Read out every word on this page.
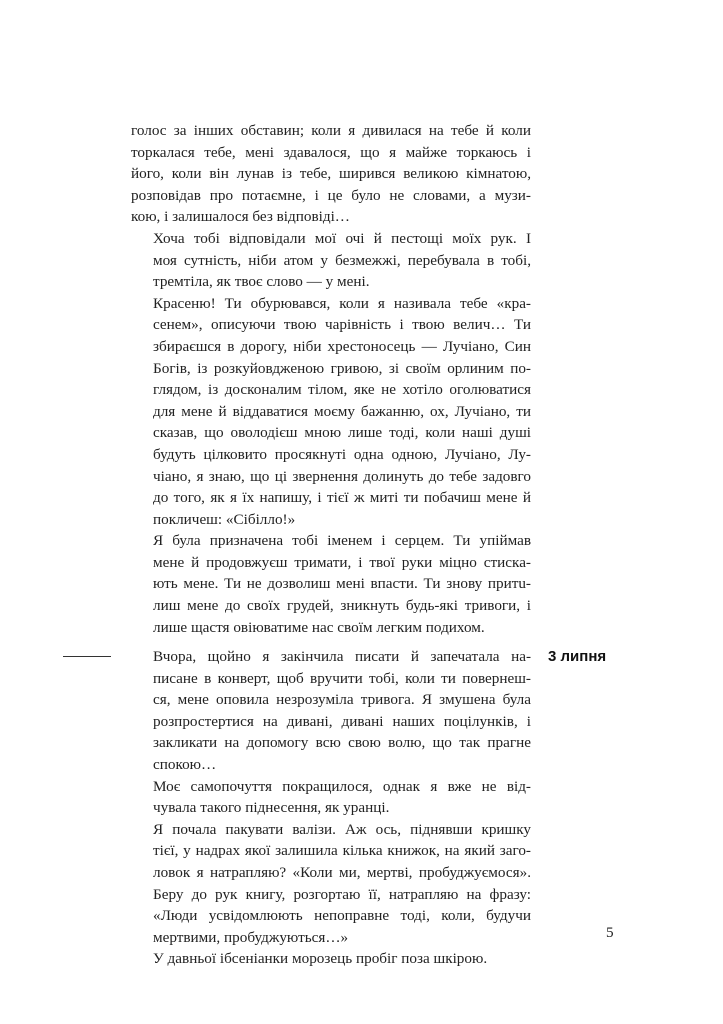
голос за інших обставин; коли я дивилася на тебе й коли
торкалася тебе, мені здавалося, що я майже торкаюсь і
його, коли він лунав із тебе, ширився великою кімнатою,
розповідав про потаємне, і це було не словами, а музи-
кою, і залишалося без відповіді…

Хоча тобі відповідали мої очі й пестощі моїх рук. І
моя сутність, ніби атом у безмежжі, перебувала в тобі,
тремтіла, як твоє слово — у мені.

Красеню! Ти обурювався, коли я називала тебе «кра-
сенем», описуючи твою чарівність і твою велич… Ти
збираєшся в дорогу, ніби хрестоносець — Лучіано, Син
Богів, із розкуйовдженою гривою, зі своїм орлиним по-
глядом, із досконалим тілом, яке не хотіло оголюватися
для мене й віддаватися моєму бажанню, ох, Лучіано, ти
сказав, що оволодієш мною лише тоді, коли наші душі
будуть цілковито просякнуті одна одною, Лучіано, Лу-
чіано, я знаю, що ці звернення долинуть до тебе задовго
до того, як я їх напишу, і тієї ж миті ти побачиш мене й
покличеш: «Сібілло!»

Я була призначена тобі іменем і серцем. Ти упіймав
мене й продовжуєш тримати, і твої руки міцно стиска-
ють мене. Ти не дозволиш мені впасти. Ти знову притu-
лиш мене до своїх грудей, зникнуть будь-які тривоги, і
лише щастя овіюватиме нас своїм легким подихом.

3 липня

Вчора, щойно я закінчила писати й запечатала на-
писане в конверт, щоб вручити тобі, коли ти повернеш-
ся, мене оповила незрозуміла тривога. Я змушена була
розпростертися на дивані, дивані наших поцілунків, і
закликати на допомогу всю свою волю, що так прагне
спокою…

Моє самопочуття покращилося, однак я вже не від-
чувала такого піднесення, як уранці.

Я почала пакувати валізи. Аж ось, піднявши кришку
тієї, у надрах якої залишила кілька книжок, на який заго-
ловок я натрапляю? «Коли ми, мертві, пробуджуємося».
Беру до рук книгу, розгортаю її, натрапляю на фразу:
«Люди усвідомлюють непоправне тоді, коли, будучи
мертвими, пробуджуються…»

У давньої ібсеніанки морозець пробіг поза шкірою.

5
